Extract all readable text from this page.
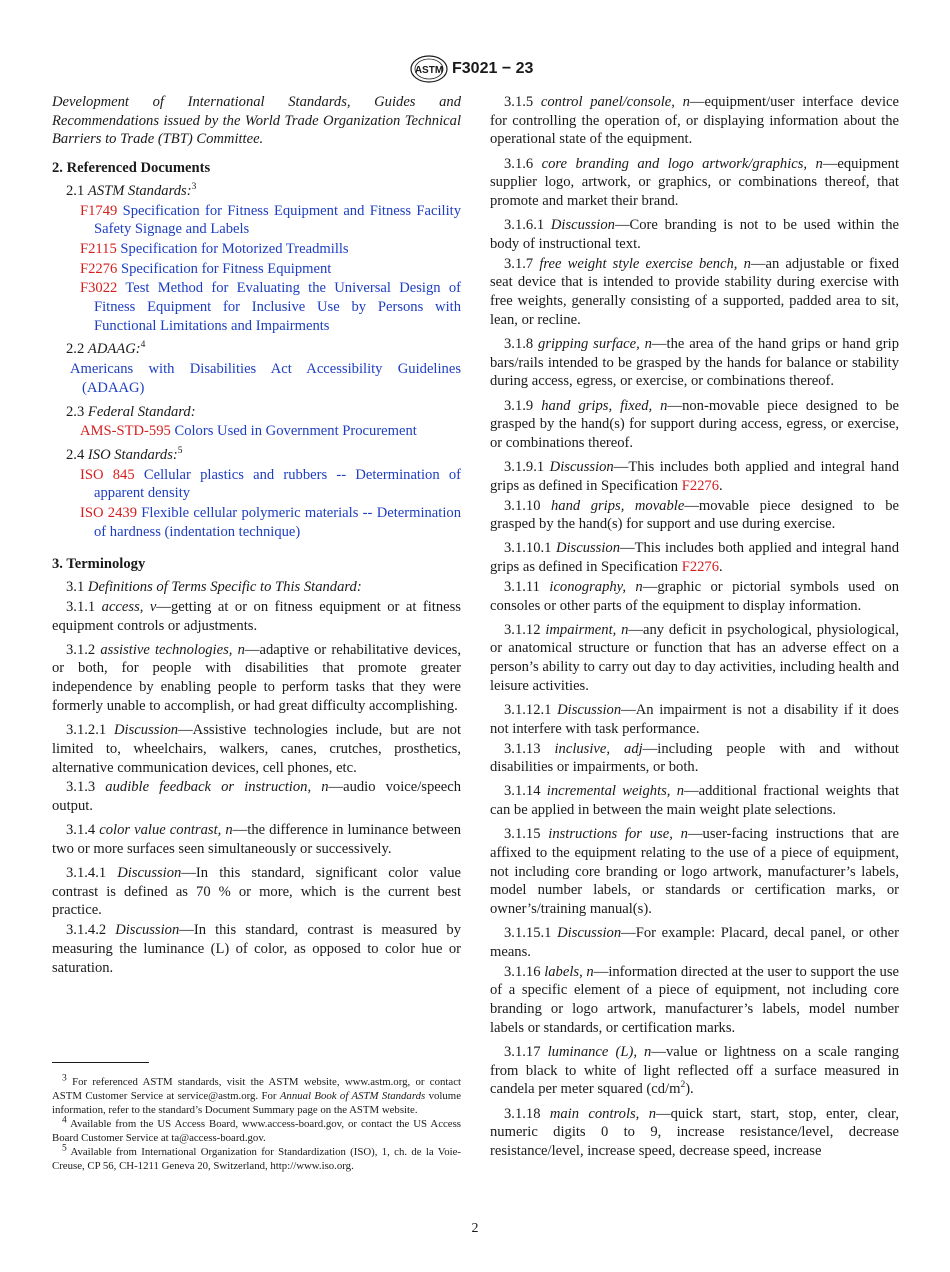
ASTM F3021 − 23

Development of International Standards, Guides and Recommendations issued by the World Trade Organization Technical Barriers to Trade (TBT) Committee.

2. Referenced Documents

2.1 ASTM Standards:$^3$

F1749 Specification for Fitness Equipment and Fitness Facility Safety Signage and Labels
F2115 Specification for Motorized Treadmills
F2276 Specification for Fitness Equipment
F3022 Test Method for Evaluating the Universal Design of Fitness Equipment for Inclusive Use by Persons with Functional Limitations and Impairments

2.2 ADAAG:$^4$

Americans with Disabilities Act Accessibility Guidelines (ADAAG)

2.3 Federal Standard:

AMS-STD-595 Colors Used in Government Procurement

2.4 ISO Standards:$^5$

ISO 845 Cellular plastics and rubbers -- Determination of apparent density
ISO 2439 Flexible cellular polymeric materials -- Determination of hardness (indentation technique)
3. Terminology

3.1 Definitions of Terms Specific to This Standard:

3.1.1 access, v—getting at or on fitness equipment or at fitness equipment controls or adjustments.

3.1.2 assistive technologies, n—adaptive or rehabilitative devices, or both, for people with disabilities that promote greater independence by enabling people to perform tasks that they were formerly unable to accomplish, or had great difficulty accomplishing.

3.1.2.1 Discussion—Assistive technologies include, but are not limited to, wheelchairs, walkers, canes, crutches, prosthetics, alternative communication devices, cell phones, etc.

3.1.3 audible feedback or instruction, n—audio voice/speech output.

3.1.4 color value contrast, n—the difference in luminance between two or more surfaces seen simultaneously or successively.

3.1.4.1 Discussion—In this standard, significant color value contrast is defined as 70 % or more, which is the current best practice.

3.1.4.2 Discussion—In this standard, contrast is measured by measuring the luminance (L) of color, as opposed to color hue or saturation.

3.1.5 control panel/console, n—equipment/user interface device for controlling the operation of, or displaying information about the operational state of the equipment.

3.1.6 core branding and logo artwork/graphics, n—equipment supplier logo, artwork, or graphics, or combinations thereof, that promote and market their brand.

3.1.6.1 Discussion—Core branding is not to be used within the body of instructional text.

3.1.7 free weight style exercise bench, n—an adjustable or fixed seat device that is intended to provide stability during exercise with free weights, generally consisting of a supported, padded area to sit, lean, or recline.

3.1.8 gripping surface, n—the area of the hand grips or hand grip bars/rails intended to be grasped by the hands for balance or stability during access, egress, or exercise, or combinations thereof.

3.1.9 hand grips, fixed, n—non-movable piece designed to be grasped by the hand(s) for support during access, egress, or exercise, or combinations thereof.

3.1.9.1 Discussion—This includes both applied and integral hand grips as defined in Specification F2276.

3.1.10 hand grips, movable—movable piece designed to be grasped by the hand(s) for support and use during exercise.

3.1.10.1 Discussion—This includes both applied and integral hand grips as defined in Specification F2276.

3.1.11 iconography, n—graphic or pictorial symbols used on consoles or other parts of the equipment to display information.

3.1.12 impairment, n—any deficit in psychological, physiological, or anatomical structure or function that has an adverse effect on a person’s ability to carry out day to day activities, including health and leisure activities.

3.1.12.1 Discussion—An impairment is not a disability if it does not interfere with task performance.

3.1.13 inclusive, adj—including people with and without disabilities or impairments, or both.

3.1.14 incremental weights, n—additional fractional weights that can be applied in between the main weight plate selections.

3.1.15 instructions for use, n—user-facing instructions that are affixed to the equipment relating to the use of a piece of equipment, not including core branding or logo artwork, manufacturer’s labels, model number labels, or standards or certification marks, or owner’s/training manual(s).

3.1.15.1 Discussion—For example: Placard, decal panel, or other means.

3.1.16 labels, n—information directed at the user to support the use of a specific element of a piece of equipment, not including core branding or logo artwork, manufacturer’s labels, model number labels or standards, or certification marks.

3.1.17 luminance (L), n—value or lightness on a scale ranging from black to white of light reflected off a surface measured in candela per meter squared $(cd/m^2)$.

3.1.18 main controls, n—quick start, start, stop, enter, clear, numeric digits 0 to 9, increase resistance/level, decrease resistance/level, increase speed, decrease speed, increase

$^3$ For referenced ASTM standards, visit the ASTM website, www.astm.org, or contact ASTM Customer Service at service@astm.org. For Annual Book of ASTM Standards volume information, refer to the standard’s Document Summary page on the ASTM website.

$^4$ Available from the US Access Board, www.access-board.gov, or contact the US Access Board Customer Service at ta@access-board.gov.

$^5$ Available from International Organization for Standardization (ISO), 1, ch. de la Voie-Creuse, CP 56, CH-1211 Geneva 20, Switzerland, http://www.iso.org.

2
